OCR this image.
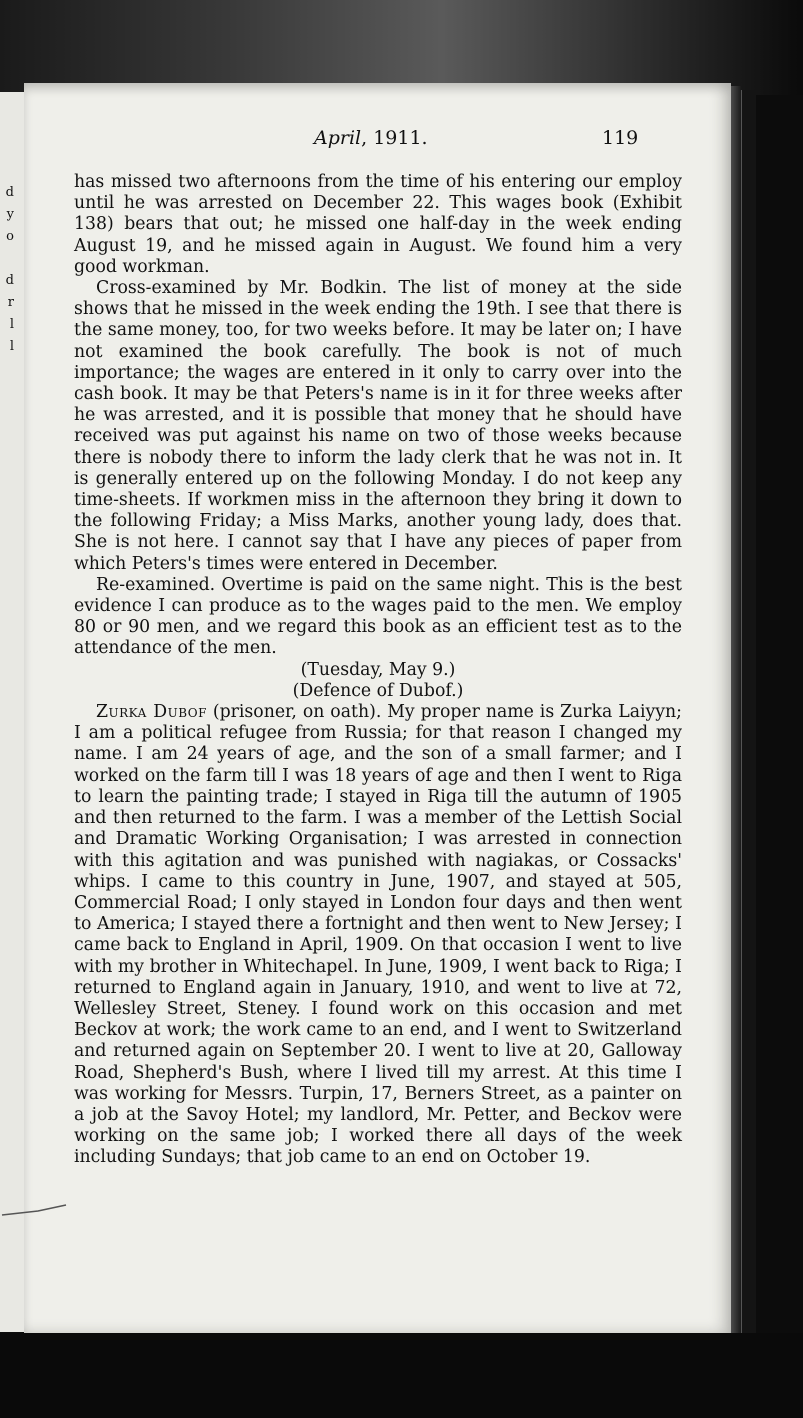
d
y
o

d
r
l
l
April, 1911.	119

has missed two afternoons from the time of his entering our employ until he was arrested on December 22. This wages book (Exhibit 138) bears that out; he missed one half-day in the week ending August 19, and he missed again in August. We found him a very good workman.

Cross-examined by Mr. Bodkin. The list of money at the side shows that he missed in the week ending the 19th. I see that there is the same money, too, for two weeks before. It may be later on; I have not examined the book carefully. The book is not of much importance; the wages are entered in it only to carry over into the cash book. It may be that Peters's name is in it for three weeks after he was arrested, and it is possible that money that he should have received was put against his name on two of those weeks because there is nobody there to inform the lady clerk that he was not in. It is generally entered up on the following Monday. I do not keep any time-sheets. If workmen miss in the afternoon they bring it down to the following Friday; a Miss Marks, another young lady, does that. She is not here. I cannot say that I have any pieces of paper from which Peters's times were entered in December.

Re-examined. Overtime is paid on the same night. This is the best evidence I can produce as to the wages paid to the men. We employ 80 or 90 men, and we regard this book as an efficient test as to the attendance of the men.

(Tuesday, May 9.)

(Defence of Dubof.)

Zurka Dubof (prisoner, on oath). My proper name is Zurka Laiyyn; I am a political refugee from Russia; for that reason I changed my name. I am 24 years of age, and the son of a small farmer; and I worked on the farm till I was 18 years of age and then I went to Riga to learn the painting trade; I stayed in Riga till the autumn of 1905 and then returned to the farm. I was a member of the Lettish Social and Dramatic Working Organisation; I was arrested in connection with this agitation and was punished with nagiakas, or Cossacks' whips. I came to this country in June, 1907, and stayed at 505, Commercial Road; I only stayed in London four days and then went to America; I stayed there a fortnight and then went to New Jersey; I came back to England in April, 1909. On that occasion I went to live with my brother in Whitechapel. In June, 1909, I went back to Riga; I returned to England again in January, 1910, and went to live at 72, Wellesley Street, Steney. I found work on this occasion and met Beckov at work; the work came to an end, and I went to Switzerland and returned again on September 20. I went to live at 20, Galloway Road, Shepherd's Bush, where I lived till my arrest. At this time I was working for Messrs. Turpin, 17, Berners Street, as a painter on a job at the Savoy Hotel; my landlord, Mr. Petter, and Beckov were working on the same job; I worked there all days of the week including Sundays; that job came to an end on October 19.
